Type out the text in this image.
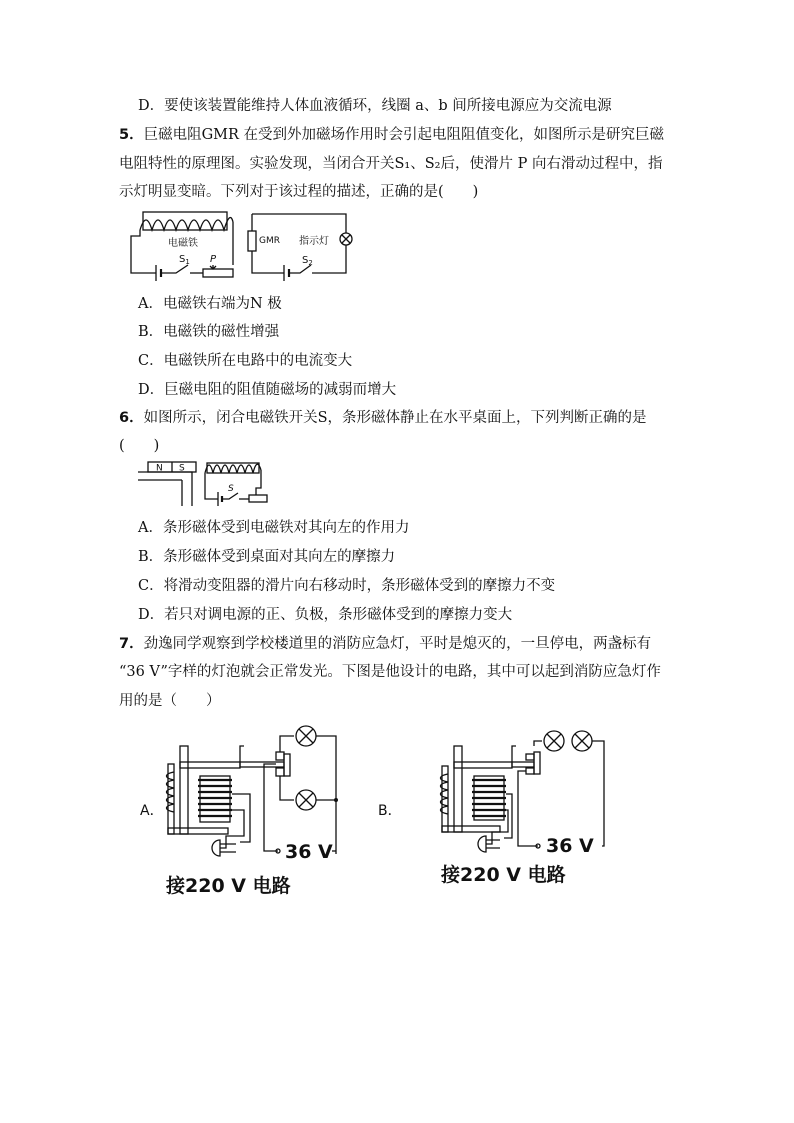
D．要使该装置能维持人体血液循环，线圈 a、b 间所接电源应为交流电源
5．巨磁电阻GMR 在受到外加磁场作用时会引起电阻阻值变化，如图所示是研究巨磁
电阻特性的原理图。实验发现，当闭合开关S₁、S₂后，使滑片 P 向右滑动过程中，指
示灯明显变暗。下列对于该过程的描述，正确的是(　　)
$S_1$ P
电磁铁	GMR 指示灯
$S_2$
A．电磁铁右端为N 极
B．电磁铁的磁性增强
C．电磁铁所在电路中的电流变大
D．巨磁电阻的阻值随磁场的减弱而增大
6．如图所示，闭合电磁铁开关S，条形磁体静止在水平桌面上，下列判断正确的是
(　　)
N S
S
A．条形磁体受到电磁铁对其向左的作用力
B．条形磁体受到桌面对其向左的摩擦力
C．将滑动变阻器的滑片向右移动时，条形磁体受到的摩擦力不变
D．若只对调电源的正、负极，条形磁体受到的摩擦力变大
7．劲逸同学观察到学校楼道里的消防应急灯，平时是熄灭的，一旦停电，两盏标有
“36 V”字样的灯泡就会正常发光。下图是他设计的电路，其中可以起到消防应急灯作
用的是（　　）
A．
36 V
接220 V 电路
B．
36 V
接220 V 电路
